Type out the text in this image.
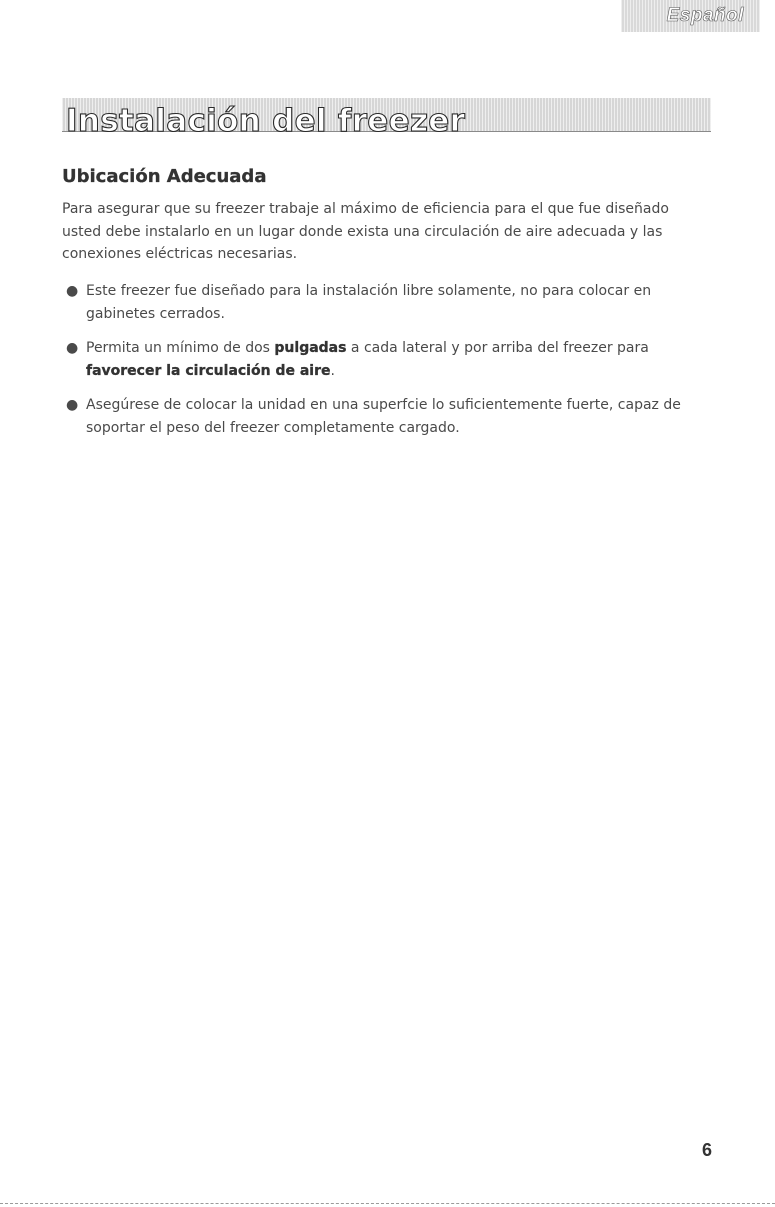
Español
Instalación del freezer
Ubicación Adecuada

Para asegurar que su freezer trabaje al máximo de eficiencia para el que fue diseñado usted debe instalarlo en un lugar donde exista una circulación de aire adecuada y las conexiones eléctricas necesarias.

● Este freezer fue diseñado para la instalación libre solamente, no para colocar en gabinetes cerrados.
● Permita un mínimo de dos pulgadas a cada lateral y por arriba del freezer para favorecer la circulación de aire.
● Asegúrese de colocar la unidad en una superfcie lo suficientemente fuerte, capaz de soportar el peso del freezer completamente cargado.
6
